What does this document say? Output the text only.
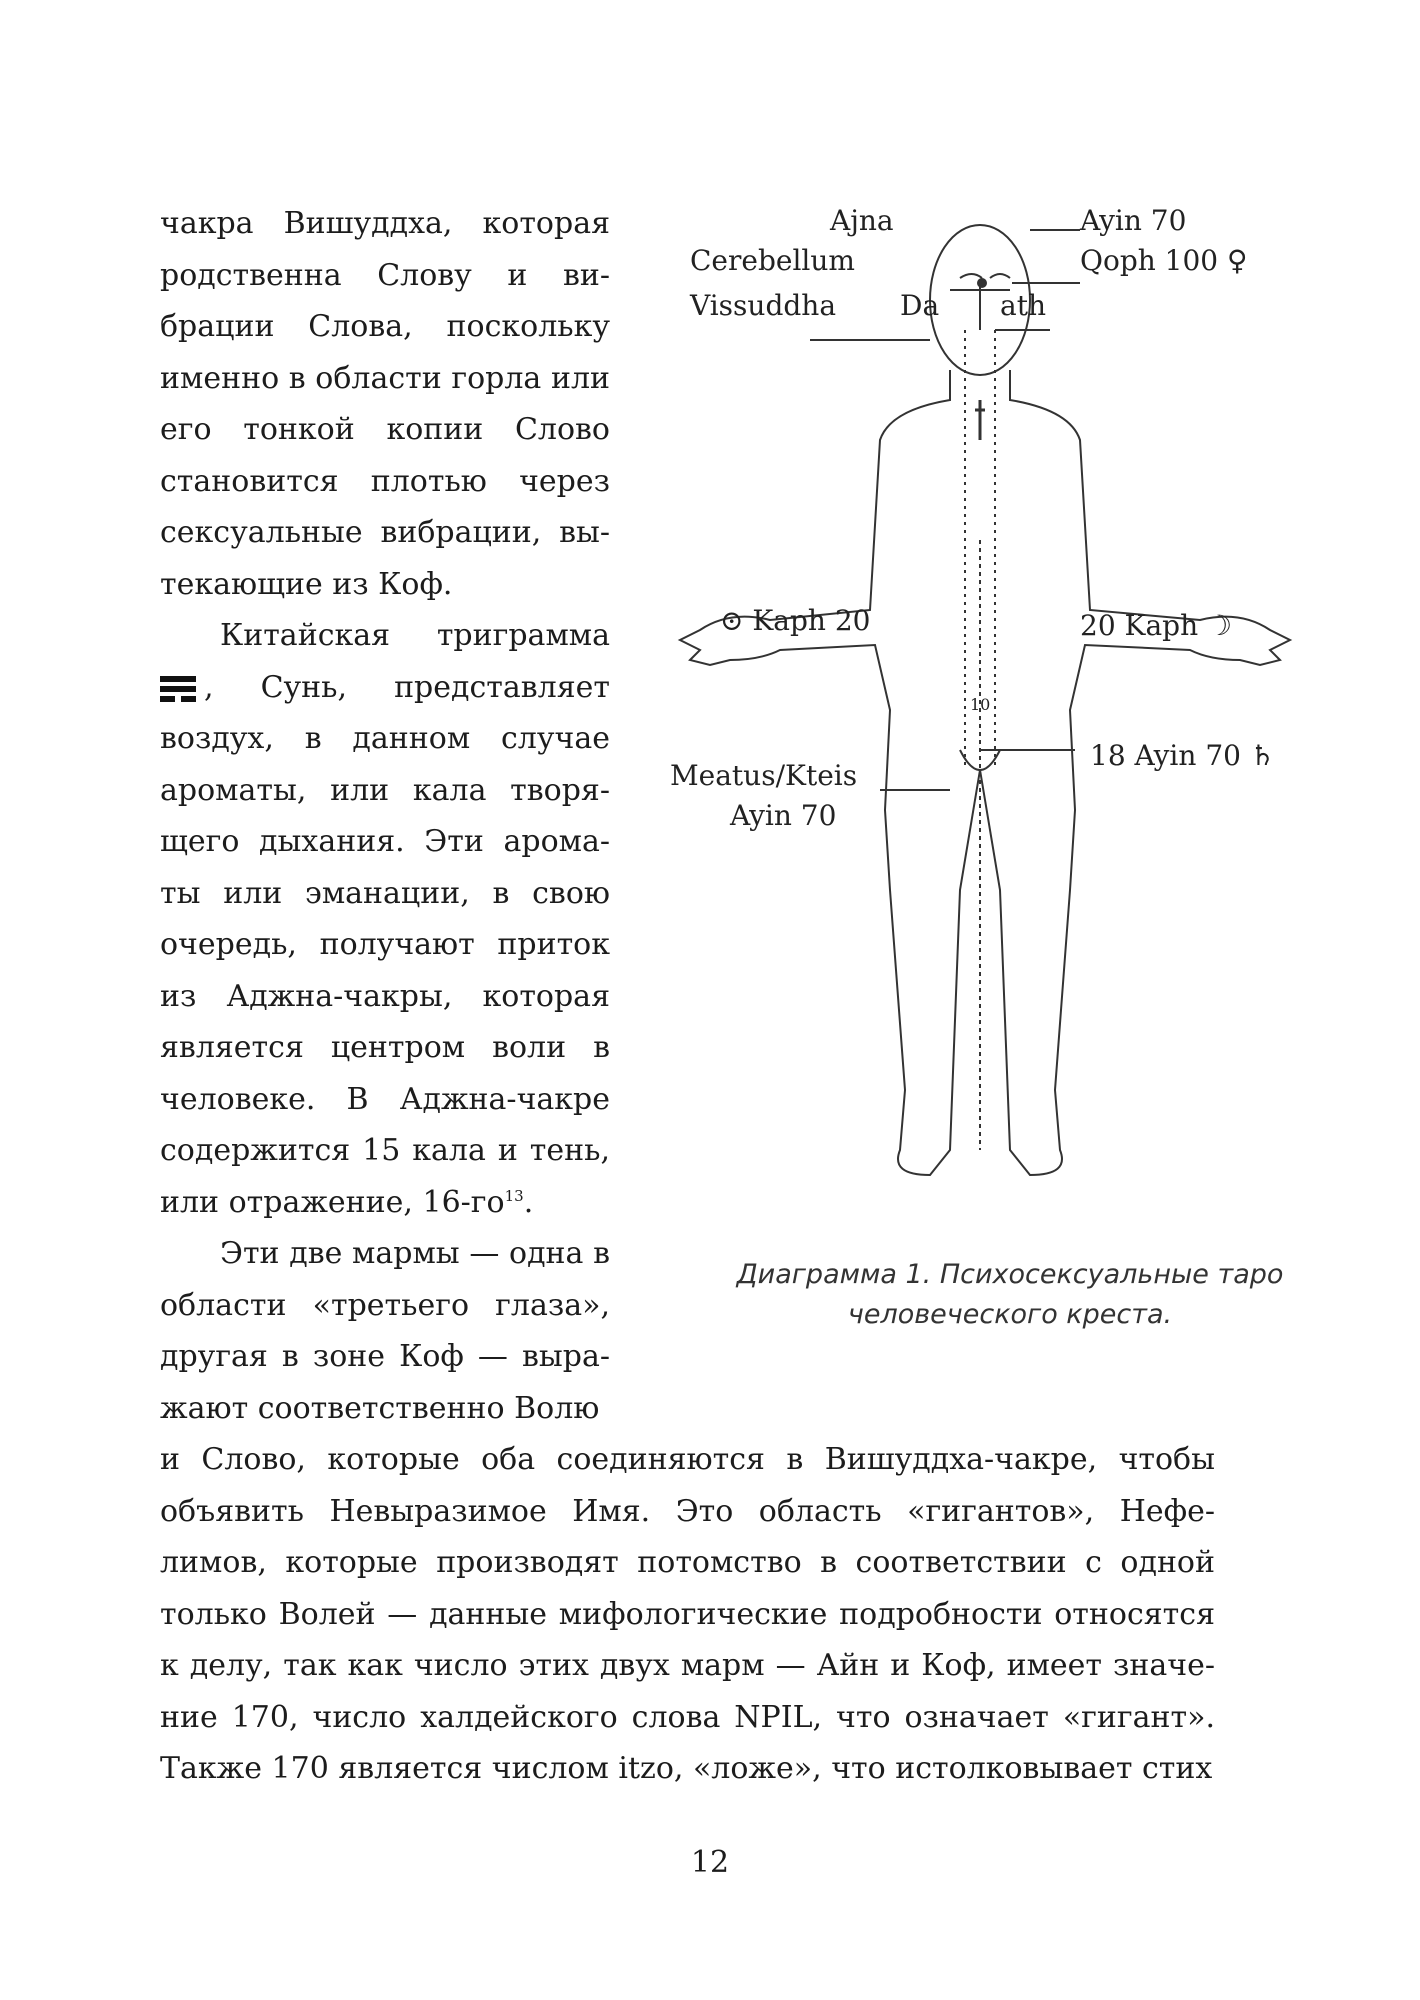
чакра Вишуддха, которая родственна Слову и вибрации Слова, поскольку именно в области горла или его тонкой копии Слово становится плотью через сексуальные вибрации, вытекающие из Коф.

Китайская триграмма , Сунь, представляет воздух, в данном случае ароматы, или кала творящего дыхания. Эти ароматы или эманации, в свою очередь, получают приток из Аджна-чакры, которая является центром воли в человеке. В Аджна-чакре содержится 15 кала и тень, или отражение, $16-го^{13}$.

Эти две мармы — одна в области «третьего глаза», другая в зоне Коф — выражают соответственно Волю

и Слово, которые оба соединяются в Вишуддха-чакре, чтобы объявить Невыразимое Имя. Это область «гигантов», Нефелимов, которые производят потомство в соответствии с одной только Волей — данные мифологические подробности относятся к делу, так как число этих двух марм — Айн и Коф, имеет значение 170, число халдейского слова NPIL, что означает «гигант». Также 170 является числом itzo, «ложе», что истолковывает стих

Ajna
Cerebellum
Vissuddha Da ath
Ayin 70
Qoph 100 ♀
⊙ Kaph 20	20 Kaph ☽
18 Ayin 70 ♄
Meatus/Kteis
Ayin 70
10

Диаграмма 1. Психосексуальные таро
человеческого креста.

12
